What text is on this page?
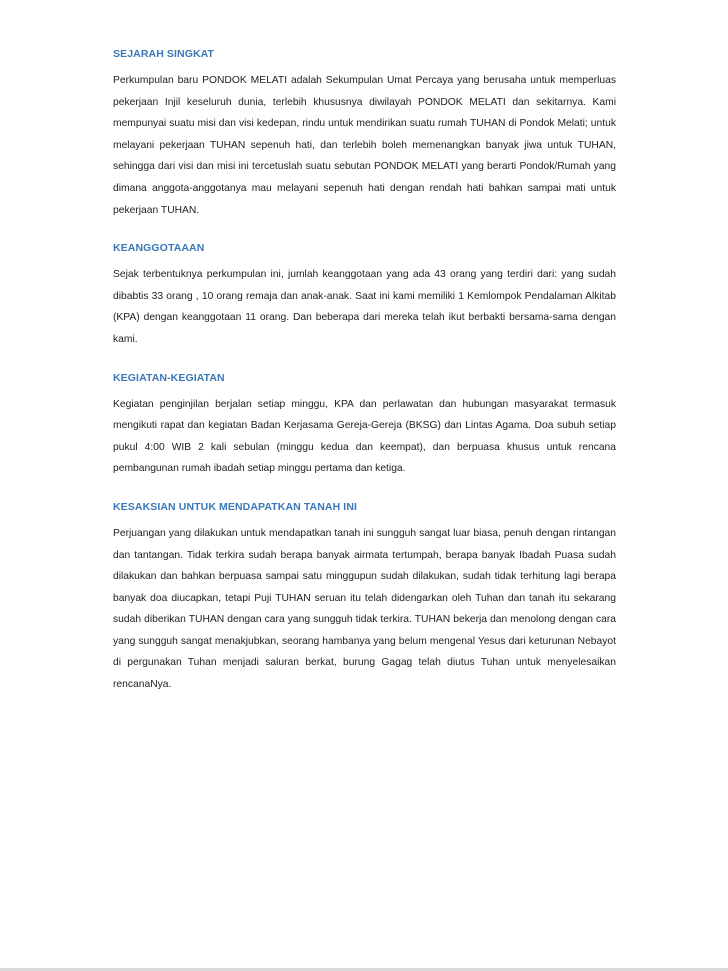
SEJARAH SINGKAT

Perkumpulan baru PONDOK MELATI adalah Sekumpulan Umat Percaya yang berusaha untuk memperluas pekerjaan Injil keseluruh dunia, terlebih khususnya diwilayah PONDOK MELATI dan sekitarnya. Kami mempunyai suatu misi dan visi kedepan, rindu untuk mendirikan suatu rumah TUHAN di Pondok Melati; untuk melayani pekerjaan TUHAN sepenuh hati, dan terlebih boleh memenangkan banyak jiwa untuk TUHAN, sehingga dari visi dan misi ini tercetuslah suatu sebutan PONDOK MELATI yang berarti Pondok/Rumah yang dimana anggota-anggotanya mau melayani sepenuh hati dengan rendah hati bahkan sampai mati untuk pekerjaan TUHAN.

KEANGGOTAAAN

Sejak terbentuknya perkumpulan ini, jumlah keanggotaan yang ada 43 orang yang terdiri dari: yang sudah dibabtis 33 orang , 10 orang remaja dan anak-anak. Saat ini kami memiliki 1 Kemlompok Pendalaman Alkitab (KPA) dengan keanggotaan 11 orang. Dan beberapa dari mereka telah ikut berbakti bersama-sama dengan kami.

KEGIATAN-KEGIATAN

Kegiatan penginjilan berjalan setiap minggu, KPA dan perlawatan dan hubungan masyarakat termasuk mengikuti rapat dan kegiatan Badan Kerjasama Gereja-Gereja (BKSG) dan Lintas Agama. Doa subuh setiap pukul 4:00 WIB 2 kali sebulan (minggu kedua dan keempat), dan berpuasa khusus untuk rencana pembangunan rumah ibadah setiap minggu pertama dan ketiga.

KESAKSIAN UNTUK MENDAPATKAN TANAH INI

Perjuangan yang dilakukan untuk mendapatkan tanah ini sungguh sangat luar biasa, penuh dengan rintangan dan tantangan. Tidak terkira sudah berapa banyak airmata tertumpah, berapa banyak Ibadah Puasa sudah dilakukan dan bahkan berpuasa sampai satu minggupun sudah dilakukan, sudah tidak terhitung lagi berapa banyak doa diucapkan, tetapi Puji TUHAN seruan itu telah didengarkan oleh Tuhan dan tanah itu sekarang sudah diberikan TUHAN dengan cara yang sungguh tidak terkira. TUHAN bekerja dan menolong dengan cara yang sungguh sangat menakjubkan, seorang hambanya yang belum mengenal Yesus dari keturunan Nebayot di pergunakan Tuhan menjadi saluran berkat, burung Gagag telah diutus Tuhan untuk menyelesaikan rencanaNya.
